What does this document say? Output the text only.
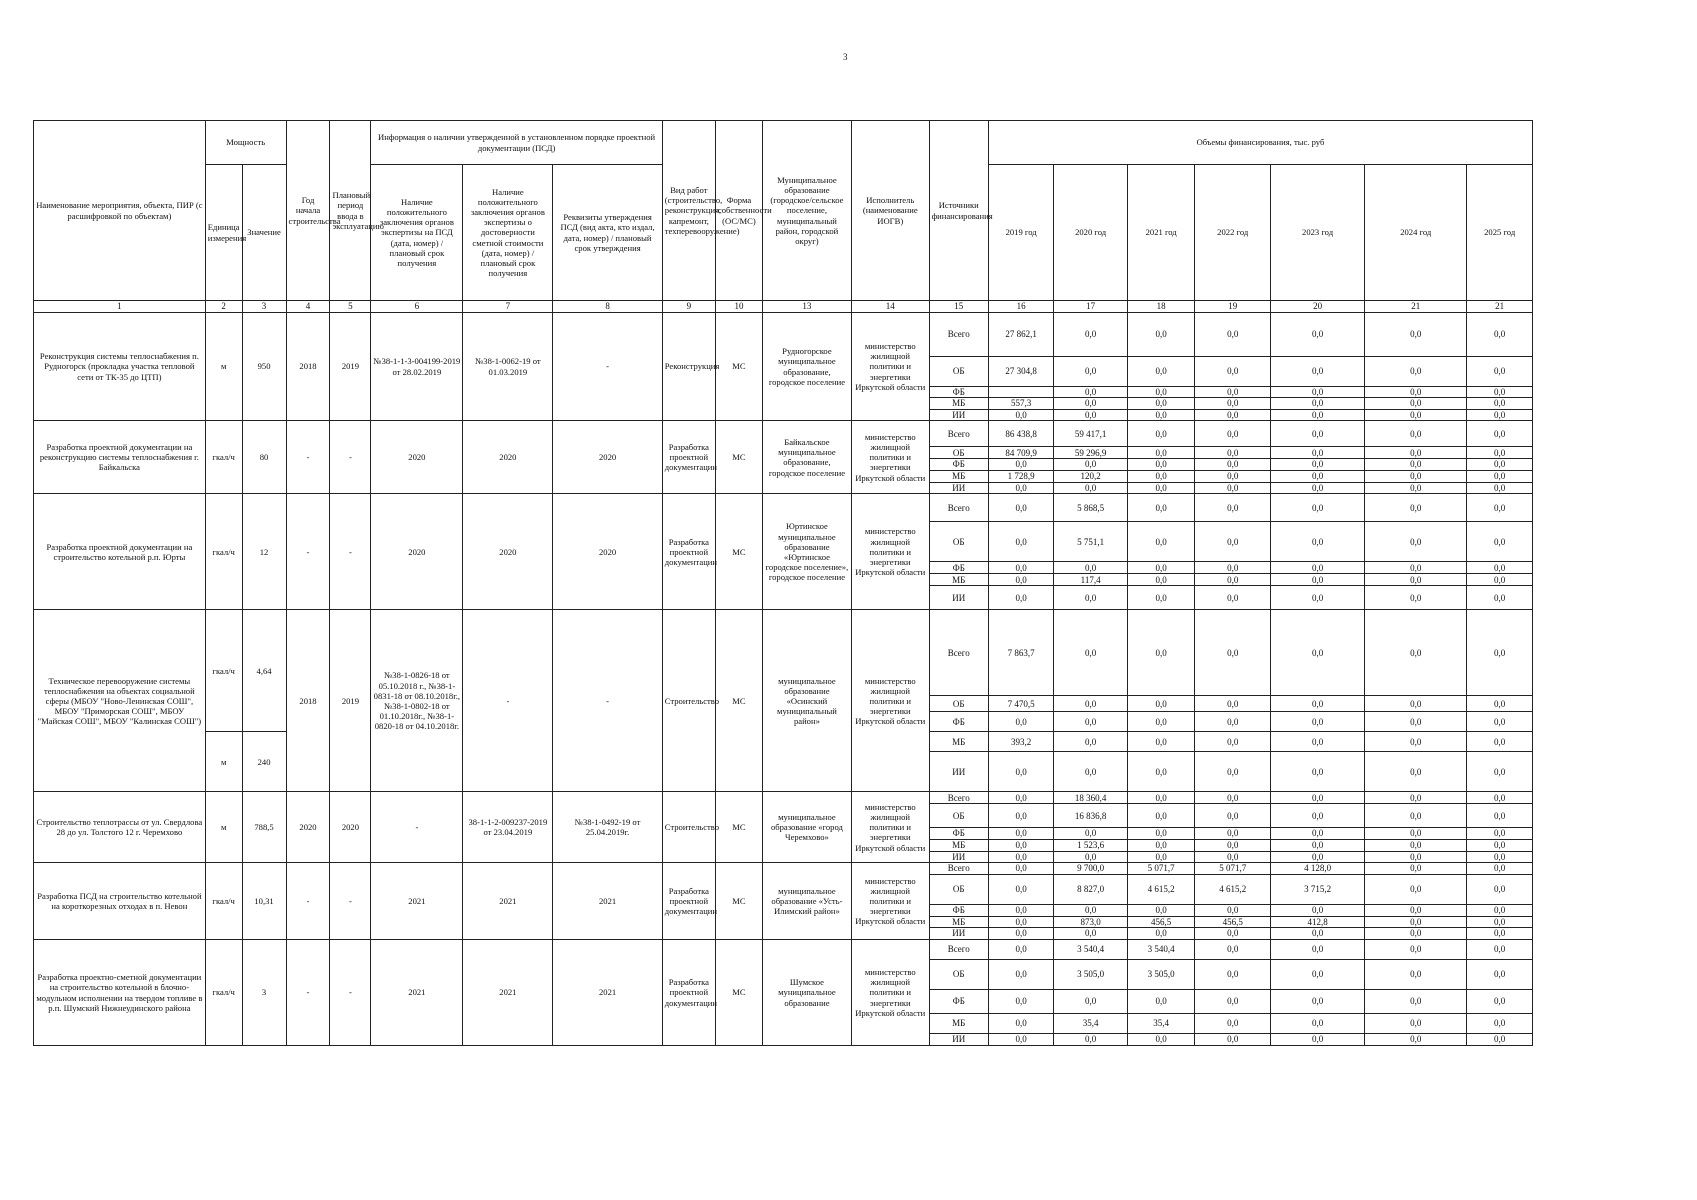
3
Наименование мероприятия, объекта, ПИР (с расшифровкой по объектам)	Мощность		Год начала строительства	Плановый период ввода в эксплуатацию	Информация о наличии утвержденной в установленном порядке проектной документации (ПСД)			Вид работ (строительство, реконструкция, капремонт, техперевооружение)	Форма собственности (ОС/МС)	Муниципальное образование (городское/сельское поселение, муниципальный район, городской округ)	Исполнитель (наименование ИОГВ)	Источники финансирования	Объемы финансирования, тыс. руб						
	Единица измерения	Значение			Наличие положительного заключения органов экспертизы на ПСД (дата, номер) / плановый срок получения	Наличие положительного заключения органов экспертизы о достоверности сметной стоимости (дата, номер) / плановый срок получения	Реквизиты утверждения ПСД (вид акта, кто издал, дата, номер) / плановый срок утверждения						2019 год	2020 год	2021 год	2022 год	2023 год	2024 год	2025 год
1	2	3	4	5	6	7	8	9	10	13	14	15	16	17	18	19	20	21	21
Реконструкция системы теплоснабжения п. Рудногорск (прокладка участка тепловой сети от ТК-35 до ЦТП)	м	950	2018	2019	№38-1-1-3-004199-2019 от 28.02.2019	№38-1-0062-19 от 01.03.2019	-	Реконструкция	МС	Рудногорское муниципальное образование, городское поселение	министерство жилищной политики и энергетики Иркутской области	Всего	27 862,1	0,0	0,0	0,0	0,0	0,0	0,0
												ОБ	27 304,8	0,0	0,0	0,0	0,0	0,0	0,0
												ФБ		0,0	0,0	0,0	0,0	0,0	0,0
												МБ	557,3	0,0	0,0	0,0	0,0	0,0	0,0
												ИИ	0,0	0,0	0,0	0,0	0,0	0,0	0,0
Разработка проектной документации на реконструкцию системы теплоснабжения г. Байкальска	гкал/ч	80	-	-	2020	2020	2020	Разработка проектной документации	МС	Байкальское муниципальное образование, городское поселение	министерство жилищной политики и энергетики Иркутской области	Всего	86 438,8	59 417,1	0,0	0,0	0,0	0,0	0,0
												ОБ	84 709,9	59 296,9	0,0	0,0	0,0	0,0	0,0
												ФБ	0,0	0,0	0,0	0,0	0,0	0,0	0,0
												МБ	1 728,9	120,2	0,0	0,0	0,0	0,0	0,0
												ИИ	0,0	0,0	0,0	0,0	0,0	0,0	0,0
Разработка проектной документации на строительство котельной р.п. Юрты	гкал/ч	12	-	-	2020	2020	2020	Разработка проектной документации	МС	Юртинское муниципальное образование «Юртинское городское поселение», городское поселение	министерство жилищной политики и энергетики Иркутской области	Всего	0,0	5 868,5	0,0	0,0	0,0	0,0	0,0
												ОБ	0,0	5 751,1	0,0	0,0	0,0	0,0	0,0
												ФБ	0,0	0,0	0,0	0,0	0,0	0,0	0,0
												МБ	0,0	117,4	0,0	0,0	0,0	0,0	0,0
												ИИ	0,0	0,0	0,0	0,0	0,0	0,0	0,0
Техническое перевооружение системы теплоснабжения на объектах социальной сферы (МБОУ "Ново-Ленинская СОШ", МБОУ "Приморская СОШ", МБОУ "Майская СОШ", МБОУ "Калинская СОШ")	гкал/ч	4,64	2018	2019	№38-1-0826-18 от 05.10.2018 г., №38-1-0831-18 от 08.10.2018г., №38-1-0802-18 от 01.10.2018г., №38-1-0820-18 от 04.10.2018г.	-	-	Строительство	МС	муниципальное образование «Осинский муниципальный район»	министерство жилищной политики и энергетики Иркутской области	Всего	7 863,7	0,0	0,0	0,0	0,0	0,0	0,0
												ОБ	7 470,5	0,0	0,0	0,0	0,0	0,0	0,0
												ФБ	0,0	0,0	0,0	0,0	0,0	0,0	0,0
	м	240										МБ	393,2	0,0	0,0	0,0	0,0	0,0	0,0
												ИИ	0,0	0,0	0,0	0,0	0,0	0,0	0,0
Строительство теплотрассы от ул. Свердлова 28 до ул. Толстого 12 г. Черемхово	м	788,5	2020	2020	-	38-1-1-2-009237-2019 от 23.04.2019	№38-1-0492-19 от 25.04.2019г.	Строительство	МС	муниципальное образование «город Черемхово»	министерство жилищной политики и энергетики Иркутской области	Всего	0,0	18 360,4	0,0	0,0	0,0	0,0	0,0
												ОБ	0,0	16 836,8	0,0	0,0	0,0	0,0	0,0
												ФБ	0,0	0,0	0,0	0,0	0,0	0,0	0,0
												МБ	0,0	1 523,6	0,0	0,0	0,0	0,0	0,0
												ИИ	0,0	0,0	0,0	0,0	0,0	0,0	0,0
Разработка ПСД на строительство котельной на короткорезных отходах в п. Невон	гкал/ч	10,31	-	-	2021	2021	2021	Разработка проектной документации	МС	муниципальное образование «Усть-Илимский район»	министерство жилищной политики и энергетики Иркутской области	Всего	0,0	9 700,0	5 071,7	5 071,7	4 128,0	0,0	0,0
												ОБ	0,0	8 827,0	4 615,2	4 615,2	3 715,2	0,0	0,0
												ФБ	0,0	0,0	0,0	0,0	0,0	0,0	0,0
												МБ	0,0	873,0	456,5	456,5	412,8	0,0	0,0
												ИИ	0,0	0,0	0,0	0,0	0,0	0,0	0,0
Разработка проектно-сметной документации на строительство котельной в блочно-модульном исполнении на твердом топливе в р.п. Шумский Нижнеудинского района	гкал/ч	3	-	-	2021	2021	2021	Разработка проектной документации	МС	Шумское муниципальное образование	министерство жилищной политики и энергетики Иркутской области	Всего	0,0	3 540,4	3 540,4	0,0	0,0	0,0	0,0
												ОБ	0,0	3 505,0	3 505,0	0,0	0,0	0,0	0,0
												ФБ	0,0	0,0	0,0	0,0	0,0	0,0	0,0
												МБ	0,0	35,4	35,4	0,0	0,0	0,0	0,0
												ИИ	0,0	0,0	0,0	0,0	0,0	0,0	0,0
